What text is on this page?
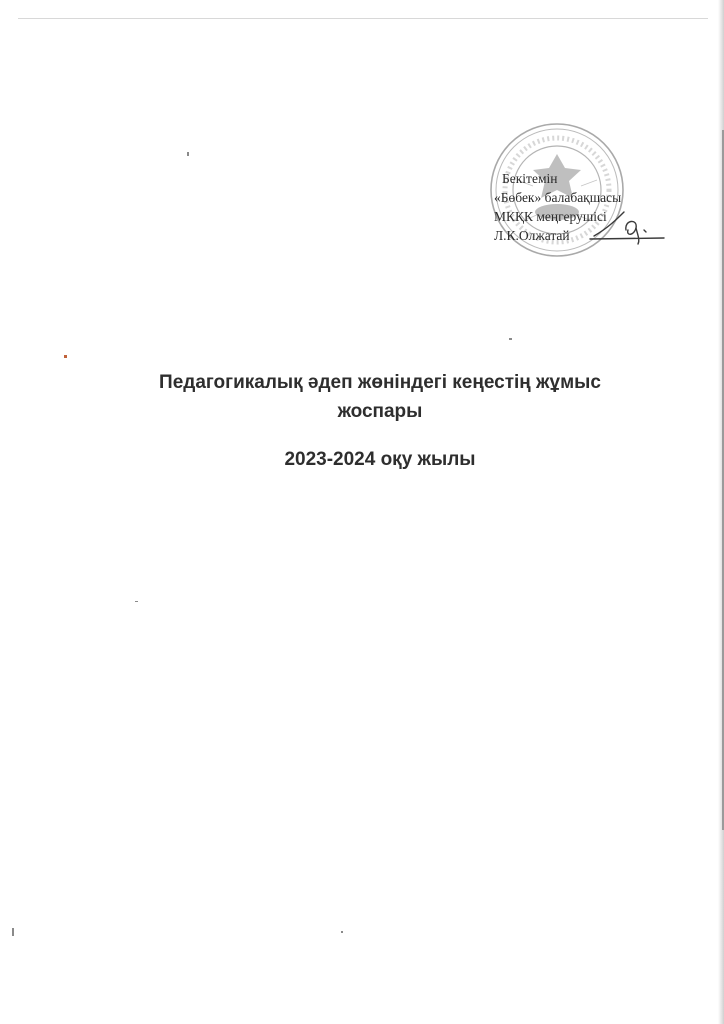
Бекітемін
«Бөбек» балабақшасы
МКҚК меңгерушісі
Л.К.Олжатай
Педагогикалық әдеп жөніндегі кеңестің жұмыс
жоспары
2023-2024 оқу жылы
